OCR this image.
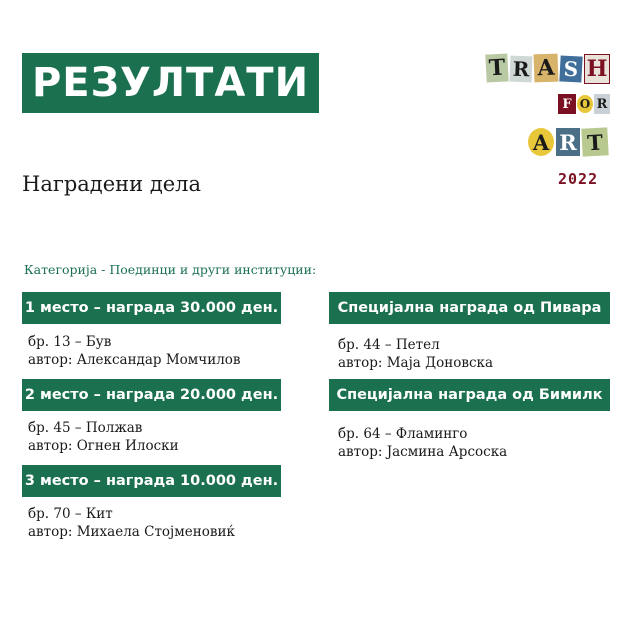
РЕЗУЛТАТИ
Наградени дела
Категорија - Поединци и други институции:
1 место – награда 30.000 ден.
бр. 13 – Був
автор: Александар Момчилов
2 место – награда 20.000 ден.
бр. 45 – Полжав
автор: Огнен Илоски
3 место – награда 10.000 ден.
бр. 70 – Кит
автор: Михаела Стојменовиќ
Специјална награда од Пивара
бр. 44 – Петел
автор: Маја Доновска
Специјална награда од Бимилк
бр. 64 – Фламинго
автор: Јасмина Арсоска
T R A S H
F O R
A R T
2022
